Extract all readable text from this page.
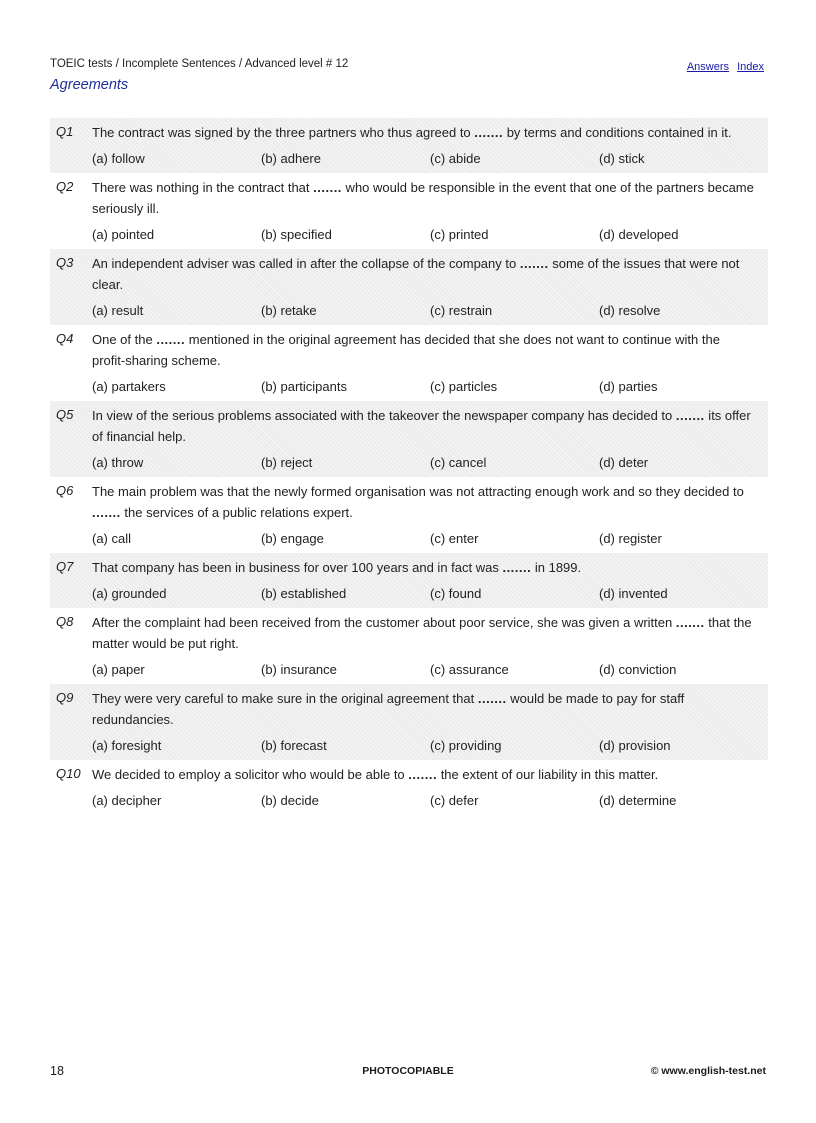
TOEIC tests / Incomplete Sentences / Advanced level # 12	Answers Index
Agreements
Q1 The contract was signed by the three partners who thus agreed to ....... by terms and conditions contained in it.
(a) follow	(b) adhere	(c) abide	(d) stick
Q2 There was nothing in the contract that ....... who would be responsible in the event that one of the partners became seriously ill.
(a) pointed	(b) specified	(c) printed	(d) developed
Q3 An independent adviser was called in after the collapse of the company to ....... some of the issues that were not clear.
(a) result	(b) retake	(c) restrain	(d) resolve
Q4 One of the ....... mentioned in the original agreement has decided that she does not want to continue with the profit-sharing scheme.
(a) partakers	(b) participants	(c) particles	(d) parties
Q5 In view of the serious problems associated with the takeover the newspaper company has decided to ....... its offer of financial help.
(a) throw	(b) reject	(c) cancel	(d) deter
Q6 The main problem was that the newly formed organisation was not attracting enough work and so they decided to ....... the services of a public relations expert.
(a) call	(b) engage	(c) enter	(d) register
Q7 That company has been in business for over 100 years and in fact was ....... in 1899.
(a) grounded	(b) established	(c) found	(d) invented
Q8 After the complaint had been received from the customer about poor service, she was given a written ....... that the matter would be put right.
(a) paper	(b) insurance	(c) assurance	(d) conviction
Q9 They were very careful to make sure in the original agreement that ....... would be made to pay for staff redundancies.
(a) foresight	(b) forecast	(c) providing	(d) provision
Q10 We decided to employ a solicitor who would be able to ....... the extent of our liability in this matter.
(a) decipher	(b) decide	(c) defer	(d) determine
18	PHOTOCOPIABLE	© www.english-test.net
